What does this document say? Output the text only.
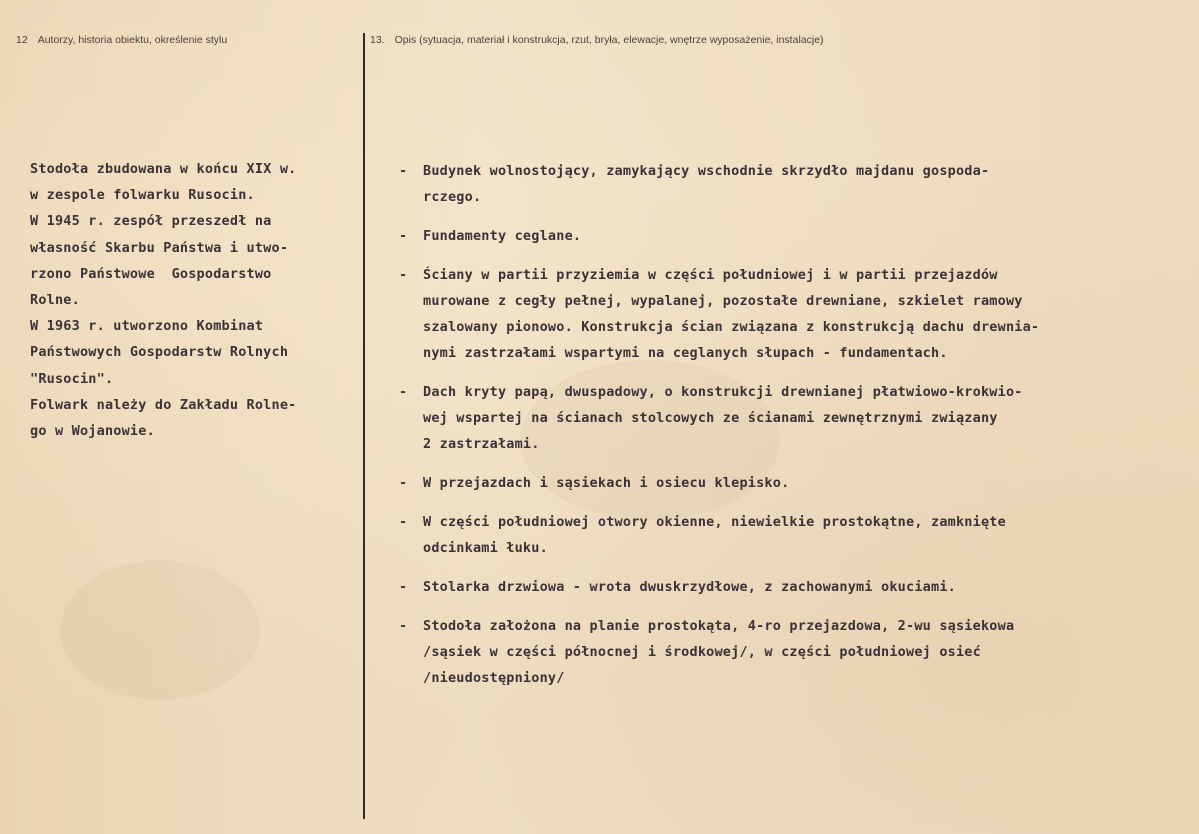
12 Autorzy, historia obiektu, określenie stylu	13. Opis (sytuacja, materiał i konstrukcja, rzut, bryła, elewacje, wnętrze wyposażenie, instalacje)
Stodoła zbudowana w końcu XIX w.
w zespole folwarku Rusocin.
W 1945 r. zespół przeszedł na
własność Skarbu Państwa i utwo-
rzono Państwowe  Gospodarstwo
Rolne.
W 1963 r. utworzono Kombinat
Państwowych Gospodarstw Rolnych
"Rusocin".
Folwark należy do Zakładu Rolne-
go w Wojanowie.
- Budynek wolnostojący, zamykający wschodnie skrzydło majdanu gospoda-
rczego.
- Fundamenty ceglane.
- Ściany w partii przyziemia w części południowej i w partii przejazdów
murowane z cegły pełnej, wypalanej, pozostałe drewniane, szkielet ramowy
szalowany pionowo. Konstrukcja ścian związana z konstrukcją dachu drewnia-
nymi zastrzałami wspartymi na ceglanych słupach - fundamentach.
- Dach kryty papą, dwuspadowy, o konstrukcji drewnianej płatwiowo-krokwio-
wej wspartej na ścianach stolcowych ze ścianami zewnętrznymi związany
2 zastrzałami.
- W przejazdach i sąsiekach i osiecu klepisko.
- W części południowej otwory okienne, niewielkie prostokątne, zamknięte
odcinkami łuku.
- Stolarka drzwiowa - wrota dwuskrzydłowe, z zachowanymi okuciami.
- Stodoła założona na planie prostokąta, 4-ro przejazdowa, 2-wu sąsiekowa
/sąsiek w części północnej i środkowej/, w części południowej osieć
/nieudostępniony/
